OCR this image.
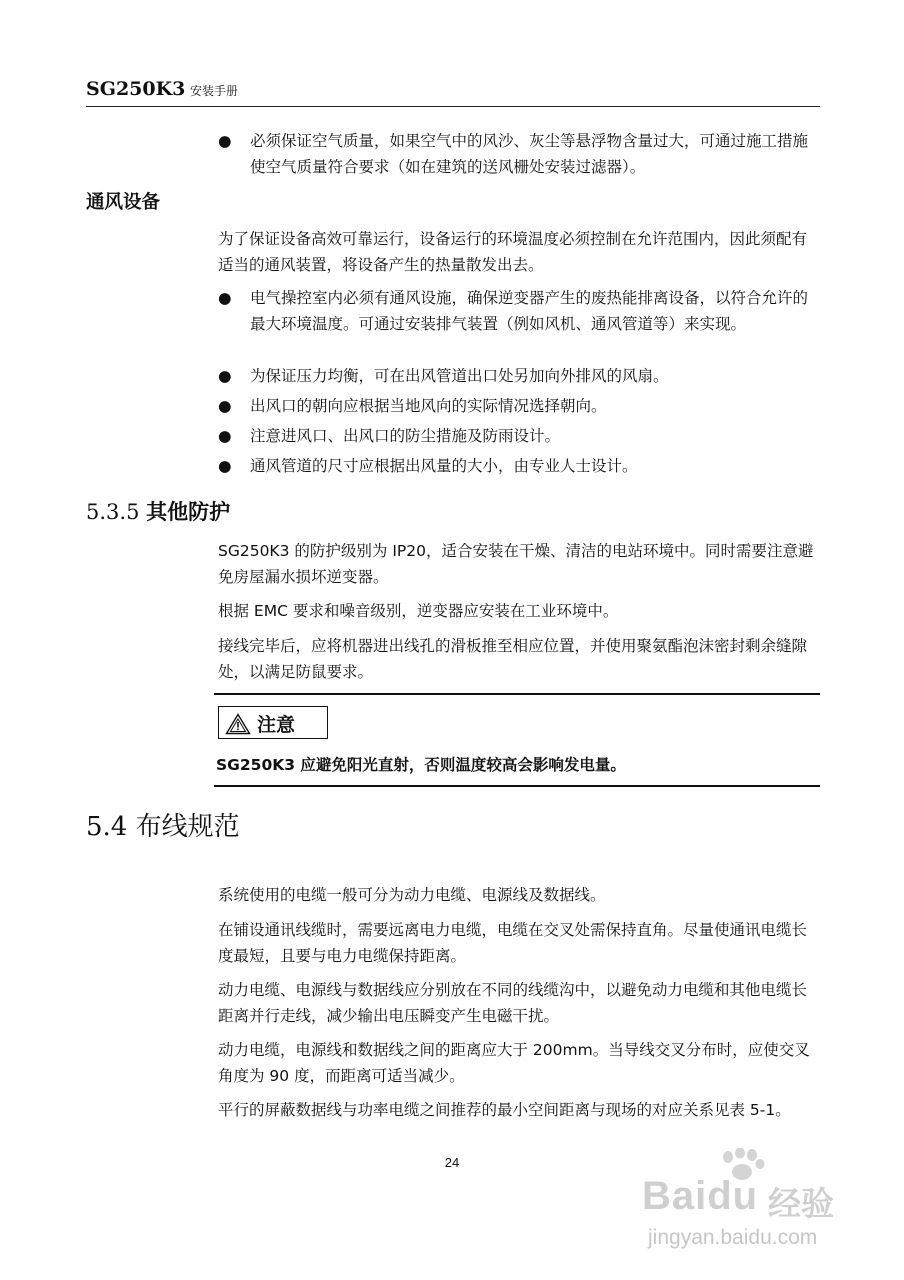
SG250K3 安装手册
● 必须保证空气质量，如果空气中的风沙、灰尘等悬浮物含量过大，可通过施工措施使空气质量符合要求（如在建筑的送风栅处安装过滤器）。
通风设备
为了保证设备高效可靠运行，设备运行的环境温度必须控制在允许范围内，因此须配有适当的通风装置，将设备产生的热量散发出去。
● 电气操控室内必须有通风设施，确保逆变器产生的废热能排离设备，以符合允许的最大环境温度。可通过安装排气装置（例如风机、通风管道等）来实现。
● 为保证压力均衡，可在出风管道出口处另加向外排风的风扇。
● 出风口的朝向应根据当地风向的实际情况选择朝向。
● 注意进风口、出风口的防尘措施及防雨设计。
● 通风管道的尺寸应根据出风量的大小，由专业人士设计。
5.3.5 其他防护
SG250K3 的防护级别为 IP20，适合安装在干燥、清洁的电站环境中。同时需要注意避免房屋漏水损坏逆变器。
根据 EMC 要求和噪音级别，逆变器应安装在工业环境中。
接线完毕后，应将机器进出线孔的滑板推至相应位置，并使用聚氨酯泡沫密封剩余缝隙处，以满足防鼠要求。
注意
SG250K3 应避免阳光直射，否则温度较高会影响发电量。
5.4 布线规范
系统使用的电缆一般可分为动力电缆、电源线及数据线。
在铺设通讯线缆时，需要远离电力电缆，电缆在交叉处需保持直角。尽量使通讯电缆长度最短，且要与电力电缆保持距离。
动力电缆、电源线与数据线应分别放在不同的线缆沟中，以避免动力电缆和其他电缆长距离并行走线，减少输出电压瞬变产生电磁干扰。
动力电缆，电源线和数据线之间的距离应大于 200mm。当导线交叉分布时，应使交叉角度为 90 度，而距离可适当减少。
平行的屏蔽数据线与功率电缆之间推荐的最小空间距离与现场的对应关系见表 5-1。
24
Baidu 经验
jingyan.baidu.com
